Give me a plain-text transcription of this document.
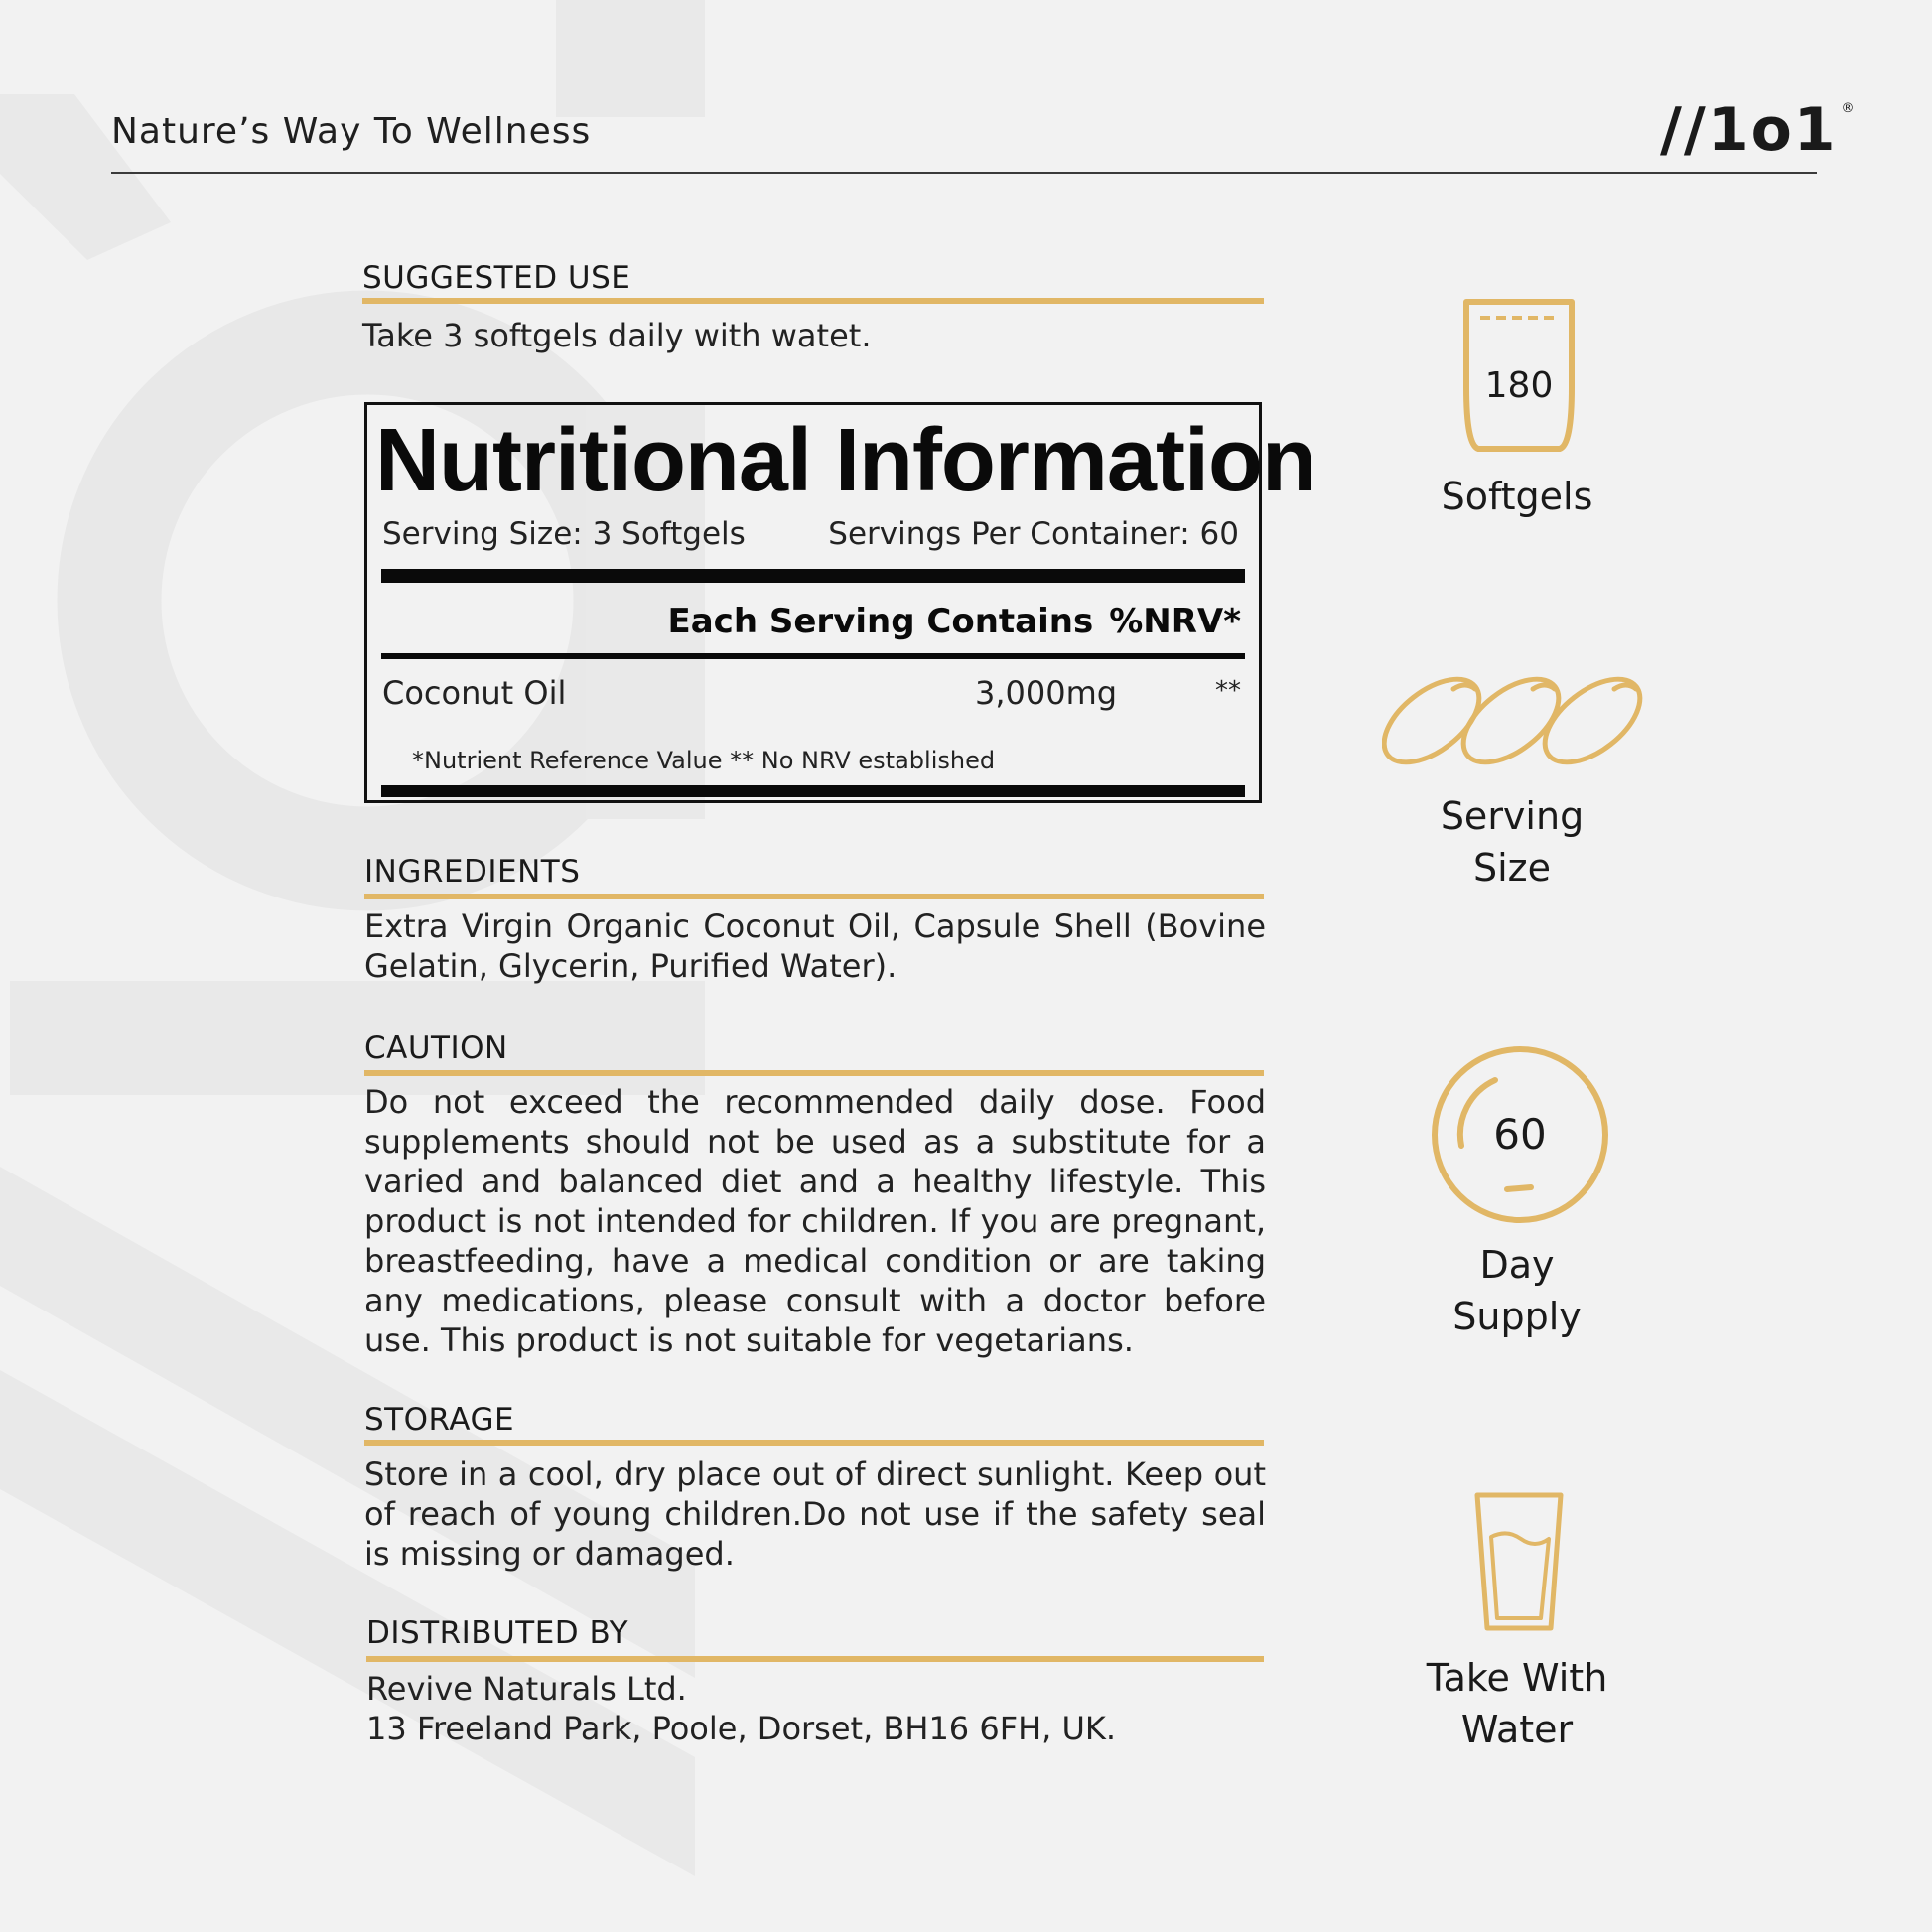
Nature’s Way To Wellness	//1o1 ®
SUGGESTED USE
Take 3 softgels daily with watet.
Nutritional Information
Serving Size: 3 Softgels	Servings Per Container: 60
Each Serving Contains %NRV*
Coconut Oil	3,000mg	**
*Nutrient Reference Value ** No NRV established
INGREDIENTS
Extra Virgin Organic Coconut Oil, Capsule Shell (Bovine Gelatin, Glycerin, Purified Water).
CAUTION
Do not exceed the recommended daily dose. Food supplements should not be used as a substitute for a varied and balanced diet and a healthy lifestyle. This product is not intended for children. If you are pregnant, breastfeeding, have a medical condition or are taking any medications, please consult with a doctor before use. This product is not suitable for vegetarians.
STORAGE
Store in a cool, dry place out of direct sunlight. Keep out of reach of young children.Do not use if the safety seal is missing or damaged.
DISTRIBUTED BY
Revive Naturals Ltd.
13 Freeland Park, Poole, Dorset, BH16 6FH, UK.
180
Softgels
Serving
Size
60
Day
Supply
Take With
Water
